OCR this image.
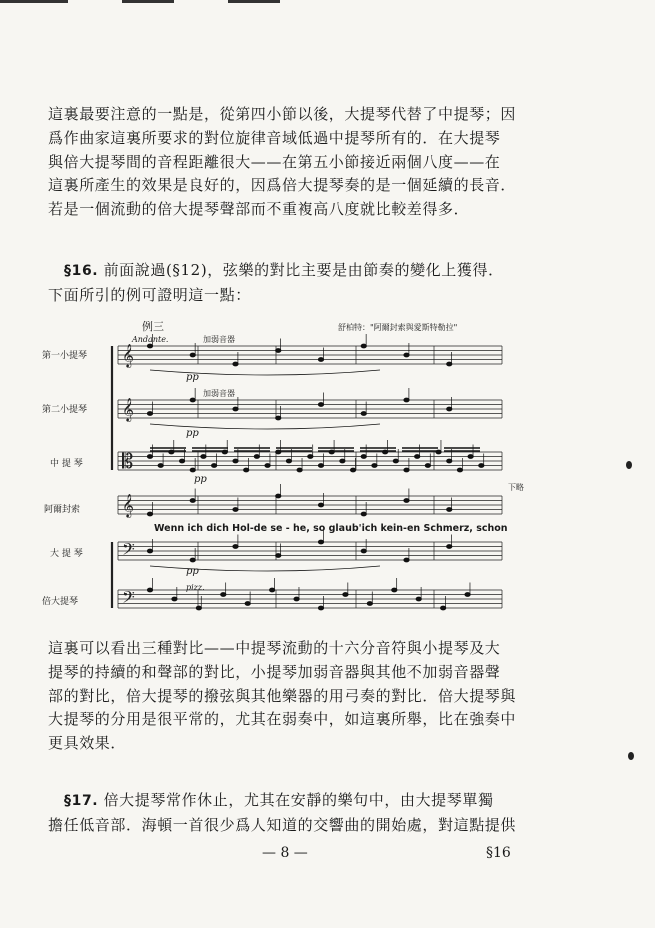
這裏最要注意的一點是，從第四小節以後，大提琴代替了中提琴；因
爲作曲家這裏所要求的對位旋律音域低過中提琴所有的．在大提琴
與倍大提琴間的音程距離很大——在第五小節接近兩個八度——在
這裏所產生的效果是良好的，因爲倍大提琴奏的是一個延續的長音．
若是一個流動的倍大提琴聲部而不重複高八度就比較差得多．
§16. 前面說過(§12)，弦樂的對比主要是由節奏的變化上獲得．
下面所引的例可證明這一點：
例三	舒柏特："阿爾封索與愛斯特勒拉"
Andante.	加弱音器
加弱音器
第一小提琴
第二小提琴
中 提 琴
阿爾封索
大 提 琴
倍大提琴
pp
pp
pp
pp
pizz.
下略
Wenn ich dich Hol-de se - he, so glaub'ich kein-en Schmerz, schon
𝄞
𝄞
𝄡
𝄞
𝄢
𝄢
這裏可以看出三種對比——中提琴流動的十六分音符與小提琴及大
提琴的持續的和聲部的對比，小提琴加弱音器與其他不加弱音器聲
部的對比，倍大提琴的撥弦與其他樂器的用弓奏的對比．倍大提琴與
大提琴的分用是很平常的，尤其在弱奏中，如這裏所舉，比在強奏中
更具效果．
§17. 倍大提琴常作休止，尤其在安靜的樂句中，由大提琴單獨
擔任低音部．海頓一首很少爲人知道的交響曲的開始處，對這點提供
— 8 —	§16
